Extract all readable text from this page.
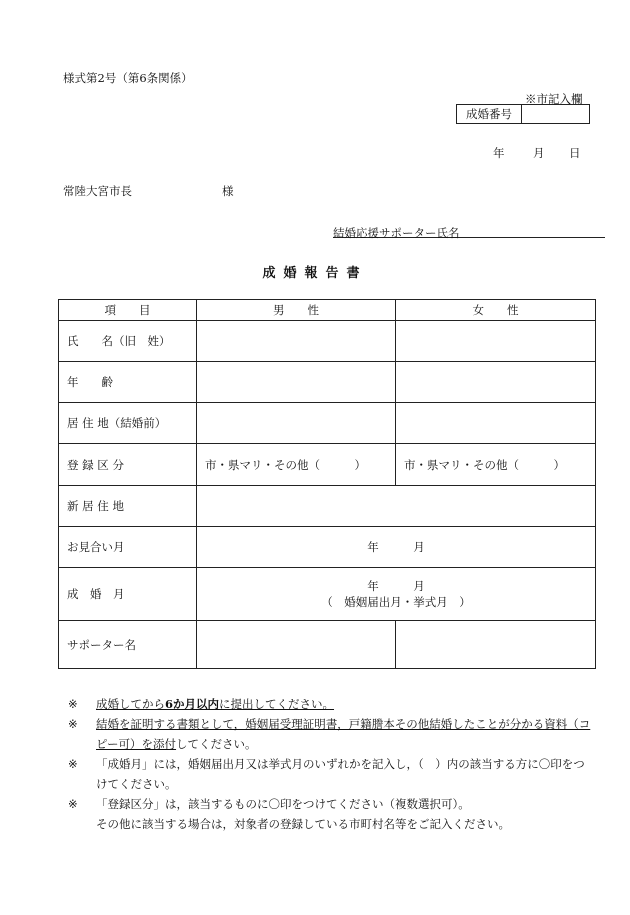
様式第2号（第6条関係）
※市記入欄
成婚番号
年 月 日
常陸大宮市長	様
結婚応援サポーター氏名
成婚報告書
項　　目	男　　性	女　　性
氏　　名（旧　姓）		
年　　齢		
居 住 地（結婚前）		
登 録 区 分	市・県マリ・その他（　　　）	市・県マリ・その他（　　　）
新 居 住 地		
お見合い月	年　　　月	
成　婚　月	年　　　月
（　婚姻届出月・挙式月　）	

サポーター名		
※	成婚してから6か月以内に提出してください。
※	結婚を証明する書類として，婚姻届受理証明書，戸籍謄本その他結婚したことが分かる資料（コピー可）を添付してください。
※	「成婚月」には，婚姻届出月又は挙式月のいずれかを記入し，（　）内の該当する方に〇印をつけてください。
※	「登録区分」は，該当するものに〇印をつけてください（複数選択可）。
その他に該当する場合は，対象者の登録している市町村名等をご記入ください。
